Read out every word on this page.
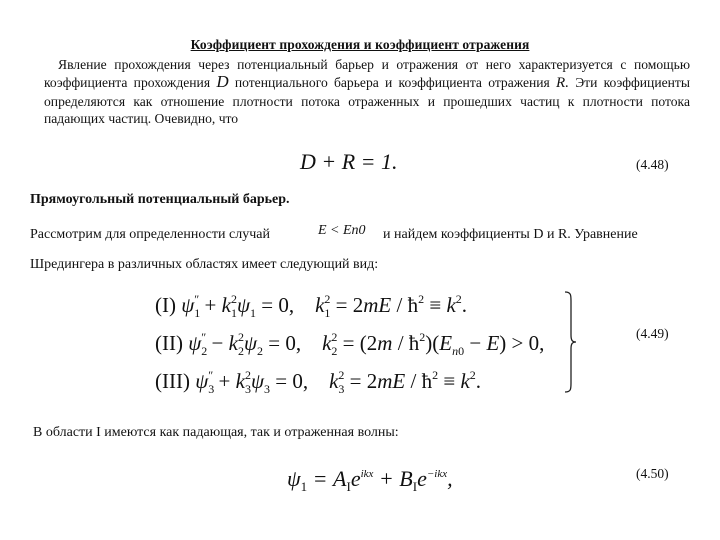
Коэффициент прохождения и коэффициент отражения
Явление прохождения через потенциальный барьер и отражения от него характеризуется с помощью коэффициента прохождения D потенциального барьера и коэффициента отражения R. Эти коэффициенты определяются как отношение плотности потока отраженных и прошедших частиц к плотности потока падающих частиц. Очевидно, что
D + R = 1.	(4.48)
Прямоугольный потенциальный барьер.
Рассмотрим для определенности случай	E < En0 и найдем коэффициенты D и R. Уравнение
Шредингера в различных областях имеет следующий вид:
(I) $\psi_1'' + k_1^2\psi_1 = 0$,    $k_1^2 = 2mE$ / $ħ^2 \equiv k^2$.
(II) $\psi_2'' - k_2^2\psi_2 = 0$,    $k_2^2 = (2m$ / $ħ^2)(E_{n0} - E) > 0$,
(III) $\psi_3'' + k_3^2\psi_3 = 0$,    $k_3^2 = 2mE$ / $ħ^2 \equiv k^2$.
(4.49)
В области I имеются как падающая, так и отраженная волны:
$\psi_1 = A_Ie^{ikx} + B_Ie^{-ikx}$,	(4.50)
